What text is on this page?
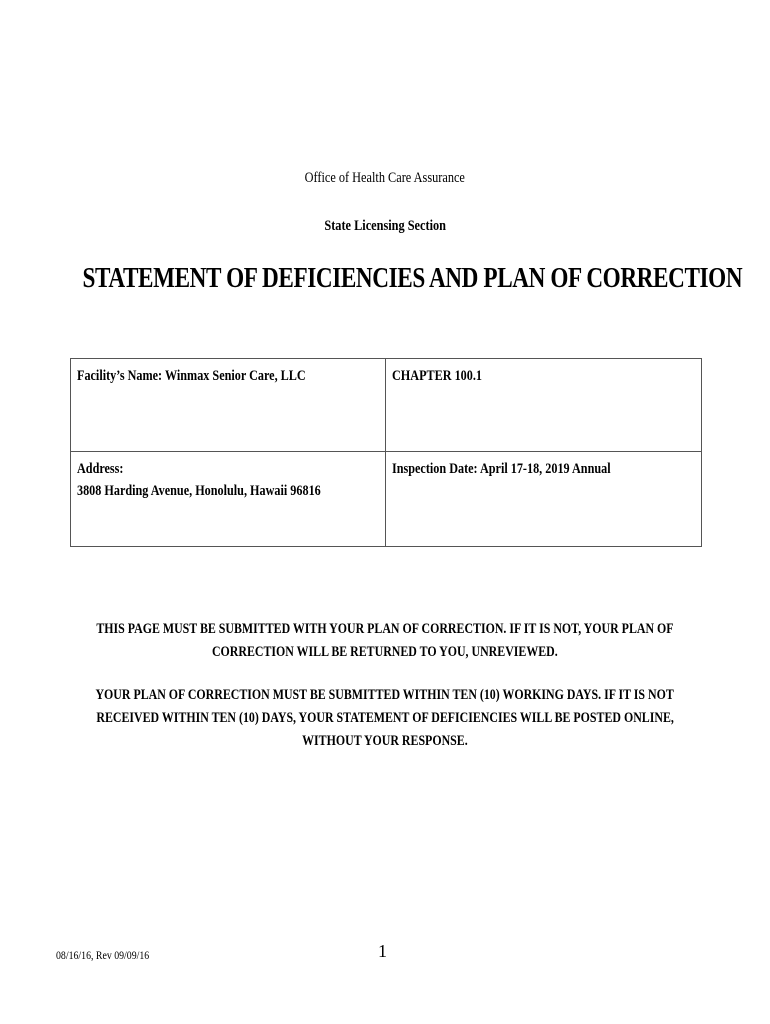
Office of Health Care Assurance
State Licensing Section
STATEMENT OF DEFICIENCIES AND PLAN OF CORRECTION
Facility’s Name: Winmax Senior Care, LLC	CHAPTER 100.1
Address:
3808 Harding Avenue, Honolulu, Hawaii 96816	Inspection Date: April 17-18, 2019 Annual
THIS PAGE MUST BE SUBMITTED WITH YOUR PLAN OF CORRECTION. IF IT IS NOT, YOUR PLAN OF
CORRECTION WILL BE RETURNED TO YOU, UNREVIEWED.
YOUR PLAN OF CORRECTION MUST BE SUBMITTED WITHIN TEN (10) WORKING DAYS. IF IT IS NOT
RECEIVED WITHIN TEN (10) DAYS, YOUR STATEMENT OF DEFICIENCIES WILL BE POSTED ONLINE,
WITHOUT YOUR RESPONSE.
08/16/16, Rev 09/09/16	1
